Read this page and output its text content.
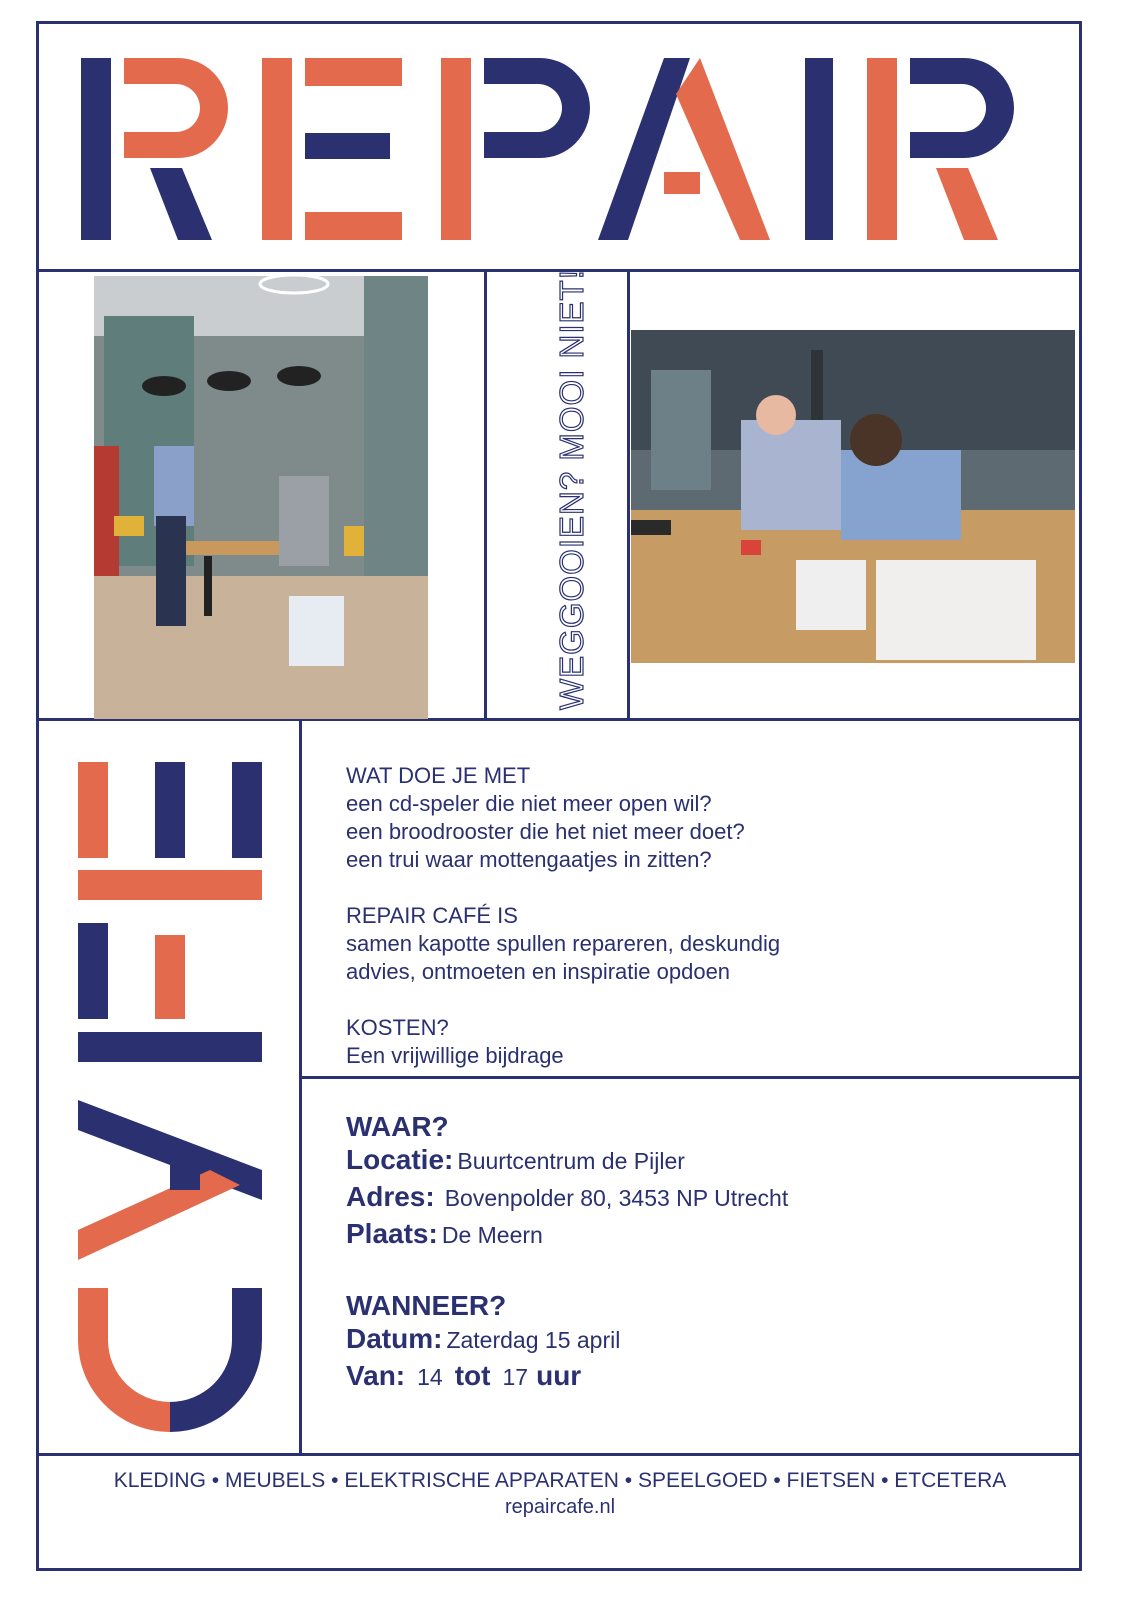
WEGGOOIEN? MOOI NIET!

WAT DOE JE MET
een cd-speler die niet meer open wil?
een broodrooster die het niet meer doet?
een trui waar mottengaatjes in zitten?

REPAIR CAFÉ IS
samen kapotte spullen repareren, deskundig
advies, ontmoeten en inspiratie opdoen

KOSTEN?
Een vrijwillige bijdrage

WAAR?
Locatie: Buurtcentrum de Pijler
Adres: Bovenpolder 80, 3453 NP Utrecht
Plaats: De Meern
WANNEER?
Datum: Zaterdag 15 april
Van: 14 tot 17 uur
KLEDING • MEUBELS • ELEKTRISCHE APPARATEN • SPEELGOED • FIETSEN • ETCETERA
repaircafe.nl
